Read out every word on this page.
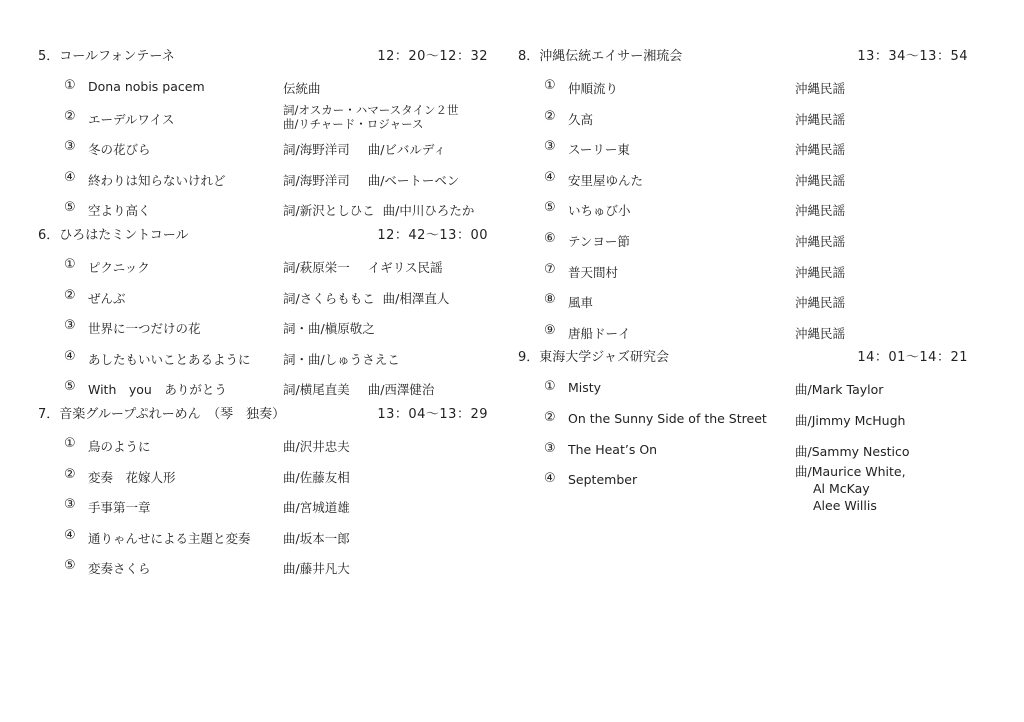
5．コールフォンテーネ	12：20〜12：32
① Dona nobis pacem	伝統曲
② エーデルワイス
詞/オスカー・ハマースタイン２世
曲/リチャード・ロジャース
③ 冬の花びら	詞/海野洋司 曲/ビバルディ
④ 終わりは知らないけれど	詞/海野洋司 曲/ベートーベン
⑤ 空より高く	詞/新沢としひこ 曲/中川ひろたか
6．ひろはたミントコール	12：42〜13：00
① ピクニック	詞/萩原栄一 イギリス民謡
② ぜんぶ	詞/さくらももこ 曲/相澤直人
③ 世界に一つだけの花	詞・曲/槇原敬之
④ あしたもいいことあるように	詞・曲/しゅうさえこ
⑤ With　you　ありがとう	詞/横尾直美 曲/西澤健治
7．音楽グループぷれーめん　（琴　独奏）	13：04〜13：29
① 鳥のように	曲/沢井忠夫
② 変奏　花嫁人形	曲/佐藤友相
③ 手事第一章	曲/宮城道雄
④ 通りゃんせによる主題と変奏	曲/坂本一郎
⑤ 変奏さくら	曲/藤井凡大
8．沖縄伝統エイサー湘琉会	13：34〜13：54
① 仲順流り	沖縄民謡
② 久高	沖縄民謡
③ スーリー東	沖縄民謡
④ 安里屋ゆんた	沖縄民謡
⑤ いちゅび小	沖縄民謡
⑥ テンヨー節	沖縄民謡
⑦ 普天間村	沖縄民謡
⑧ 風車	沖縄民謡
⑨ 唐船ドーイ	沖縄民謡
9．東海大学ジャズ研究会	14：01〜14：21
① Misty	曲/Mark Taylor
② On the Sunny Side of the Street 曲/Jimmy McHugh
③ The Heat’s On	曲/Sammy Nestico
④ September
曲/Maurice White,
Al McKay
Alee Willis
